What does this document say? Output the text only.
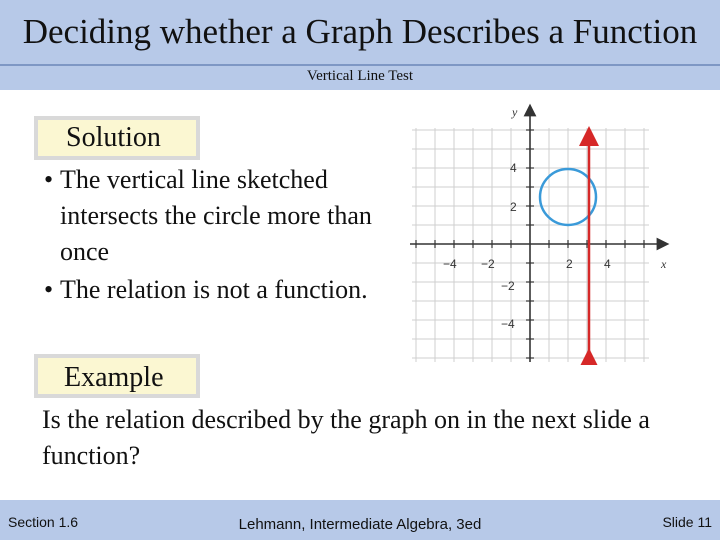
Deciding whether a Graph Describes a Function
Vertical Line Test
Solution
• The vertical line sketched intersects the circle more than once
• The relation is not a function.
Example
Is the relation described by the graph on in the next slide a function?
x
y
−4 −2	2	4
4
2
−2
−4
Section 1.6	Lehmann, Intermediate Algebra, 3ed	Slide 11
